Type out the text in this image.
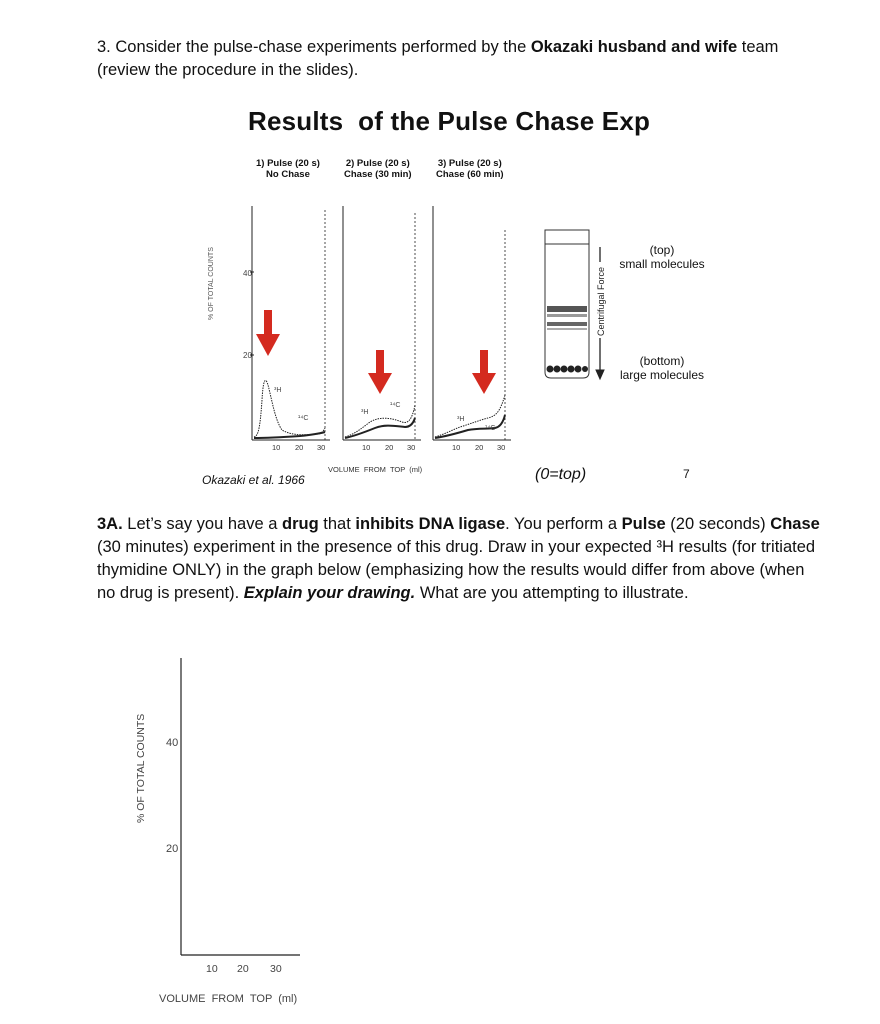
3. Consider the pulse-chase experiments performed by the Okazaki husband and wife team (review the procedure in the slides).
Results  of the Pulse Chase Exp
1) Pulse (20 s)
No Chase
2) Pulse (20 s)
Chase (30 min)
3) Pulse (20 s)
Chase (60 min)
% OF TOTAL COUNTS	40
20
³H
¹⁴C
³H
¹⁴C
³H
¹⁴C
10 20 30	10 20 30	10 20 30
VOLUME  FROM  TOP  (ml)
Centrifugal Force
(top)
small molecules
(bottom)
large molecules
Okazaki et al. 1966	(0=top)	7
3A. Let’s say you have a drug that inhibits DNA ligase. You perform a Pulse (20 seconds) Chase (30 minutes) experiment in the presence of this drug. Draw in your expected ³H results (for tritiated thymidine ONLY) in the graph below (emphasizing how the results would differ from above (when no drug is present). Explain your drawing. What are you attempting to illustrate.
% OF TOTAL COUNTS 40
20
10 20 30
VOLUME  FROM  TOP  (ml)
